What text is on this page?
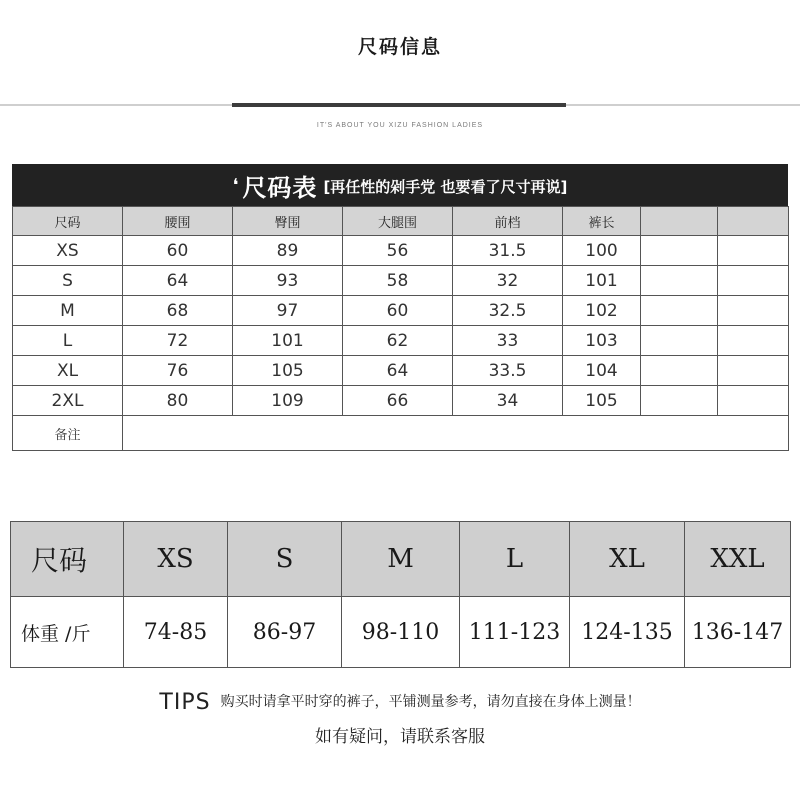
尺码信息
IT'S ABOUT YOU XIZU FASHION LADIES
❛ 尺码表 [再任性的剁手党 也要看了尺寸再说]
尺码	腰围	臀围	大腿围	前档	裤长		
XS	60	89	56	31.5	100		
S	64	93	58	32	101		
M	68	97	60	32.5	102		
L	72	101	62	33	103		
XL	76	105	64	33.5	104		
2XL	80	109	66	34	105		
备注							
尺码	XS	S	M	L	XL	XXL
体重 /斤	74-85	86-97	98-110	111-123	124-135	136-147
TIPS 购买时请拿平时穿的裤子，平铺测量参考，请勿直接在身体上测量！
如有疑问，请联系客服
